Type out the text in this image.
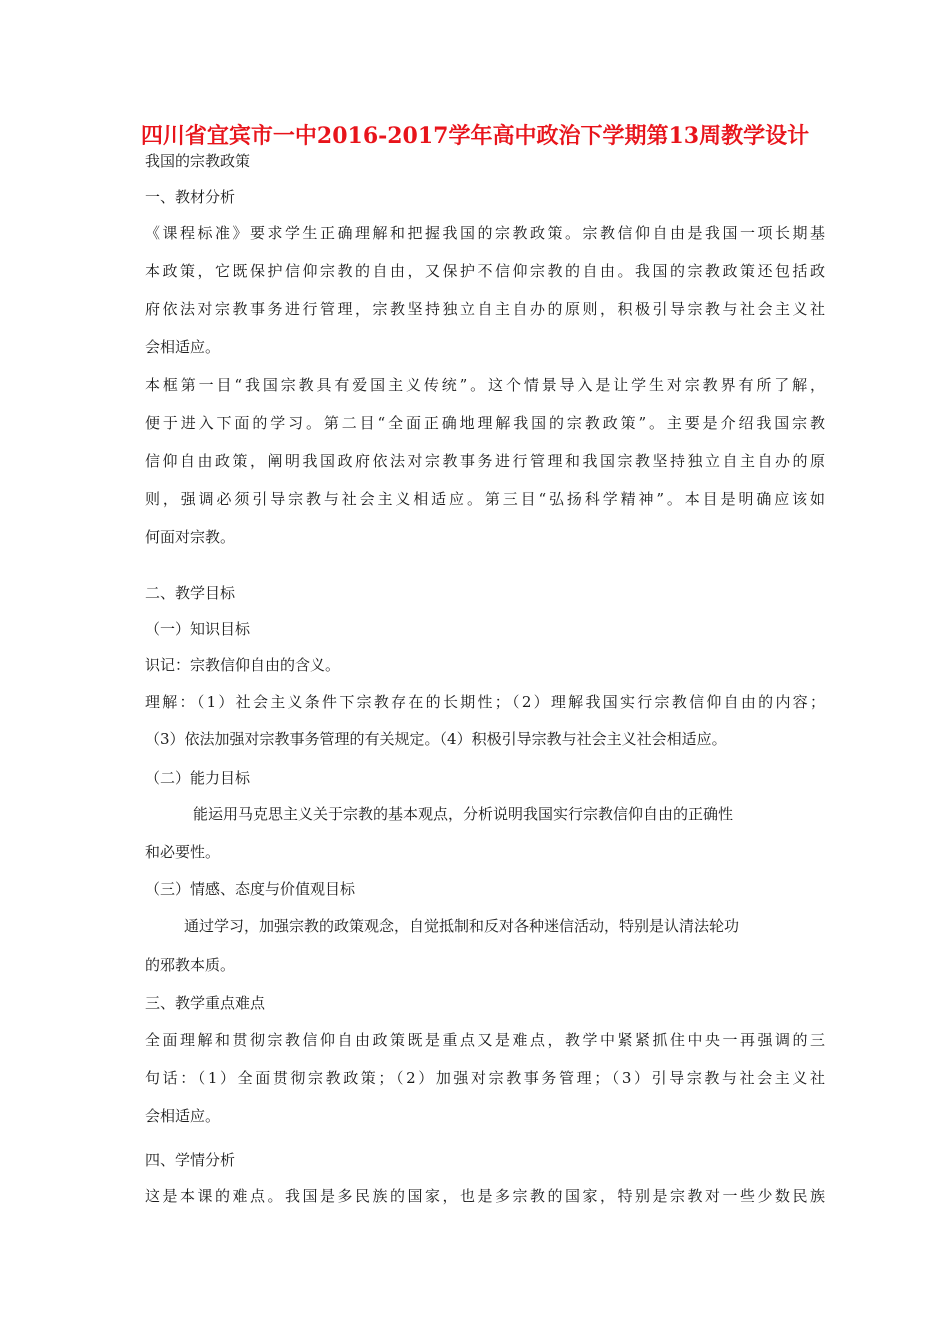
四川省宜宾市一中2016-2017学年高中政治下学期第13周教学设计
我国的宗教政策
一、教材分析
《课程标准》要求学生正确理解和把握我国的宗教政策。宗教信仰自由是我国一项长期基
本政策，它既保护信仰宗教的自由，又保护不信仰宗教的自由。我国的宗教政策还包括政
府依法对宗教事务进行管理，宗教坚持独立自主自办的原则，积极引导宗教与社会主义社
会相适应。
本框第一目“我国宗教具有爱国主义传统”。这个情景导入是让学生对宗教界有所了解，
便于进入下面的学习。第二目“全面正确地理解我国的宗教政策”。主要是介绍我国宗教
信仰自由政策，阐明我国政府依法对宗教事务进行管理和我国宗教坚持独立自主自办的原
则，强调必须引导宗教与社会主义相适应。第三目“弘扬科学精神”。本目是明确应该如
何面对宗教。
二、教学目标
（一）知识目标
识记：宗教信仰自由的含义。
理解：（1）社会主义条件下宗教存在的长期性；（2）理解我国实行宗教信仰自由的内容；
（3）依法加强对宗教事务管理的有关规定。（4）积极引导宗教与社会主义社会相适应。
（二）能力目标
能运用马克思主义关于宗教的基本观点，分析说明我国实行宗教信仰自由的正确性
和必要性。
（三）情感、态度与价值观目标
通过学习，加强宗教的政策观念，自觉抵制和反对各种迷信活动，特别是认清法轮功
的邪教本质。
三、教学重点难点
全面理解和贯彻宗教信仰自由政策既是重点又是难点，教学中紧紧抓住中央一再强调的三
句话：（1）全面贯彻宗教政策；（2）加强对宗教事务管理；（3）引导宗教与社会主义社
会相适应。
四、学情分析
这是本课的难点。我国是多民族的国家，也是多宗教的国家，特别是宗教对一些少数民族
